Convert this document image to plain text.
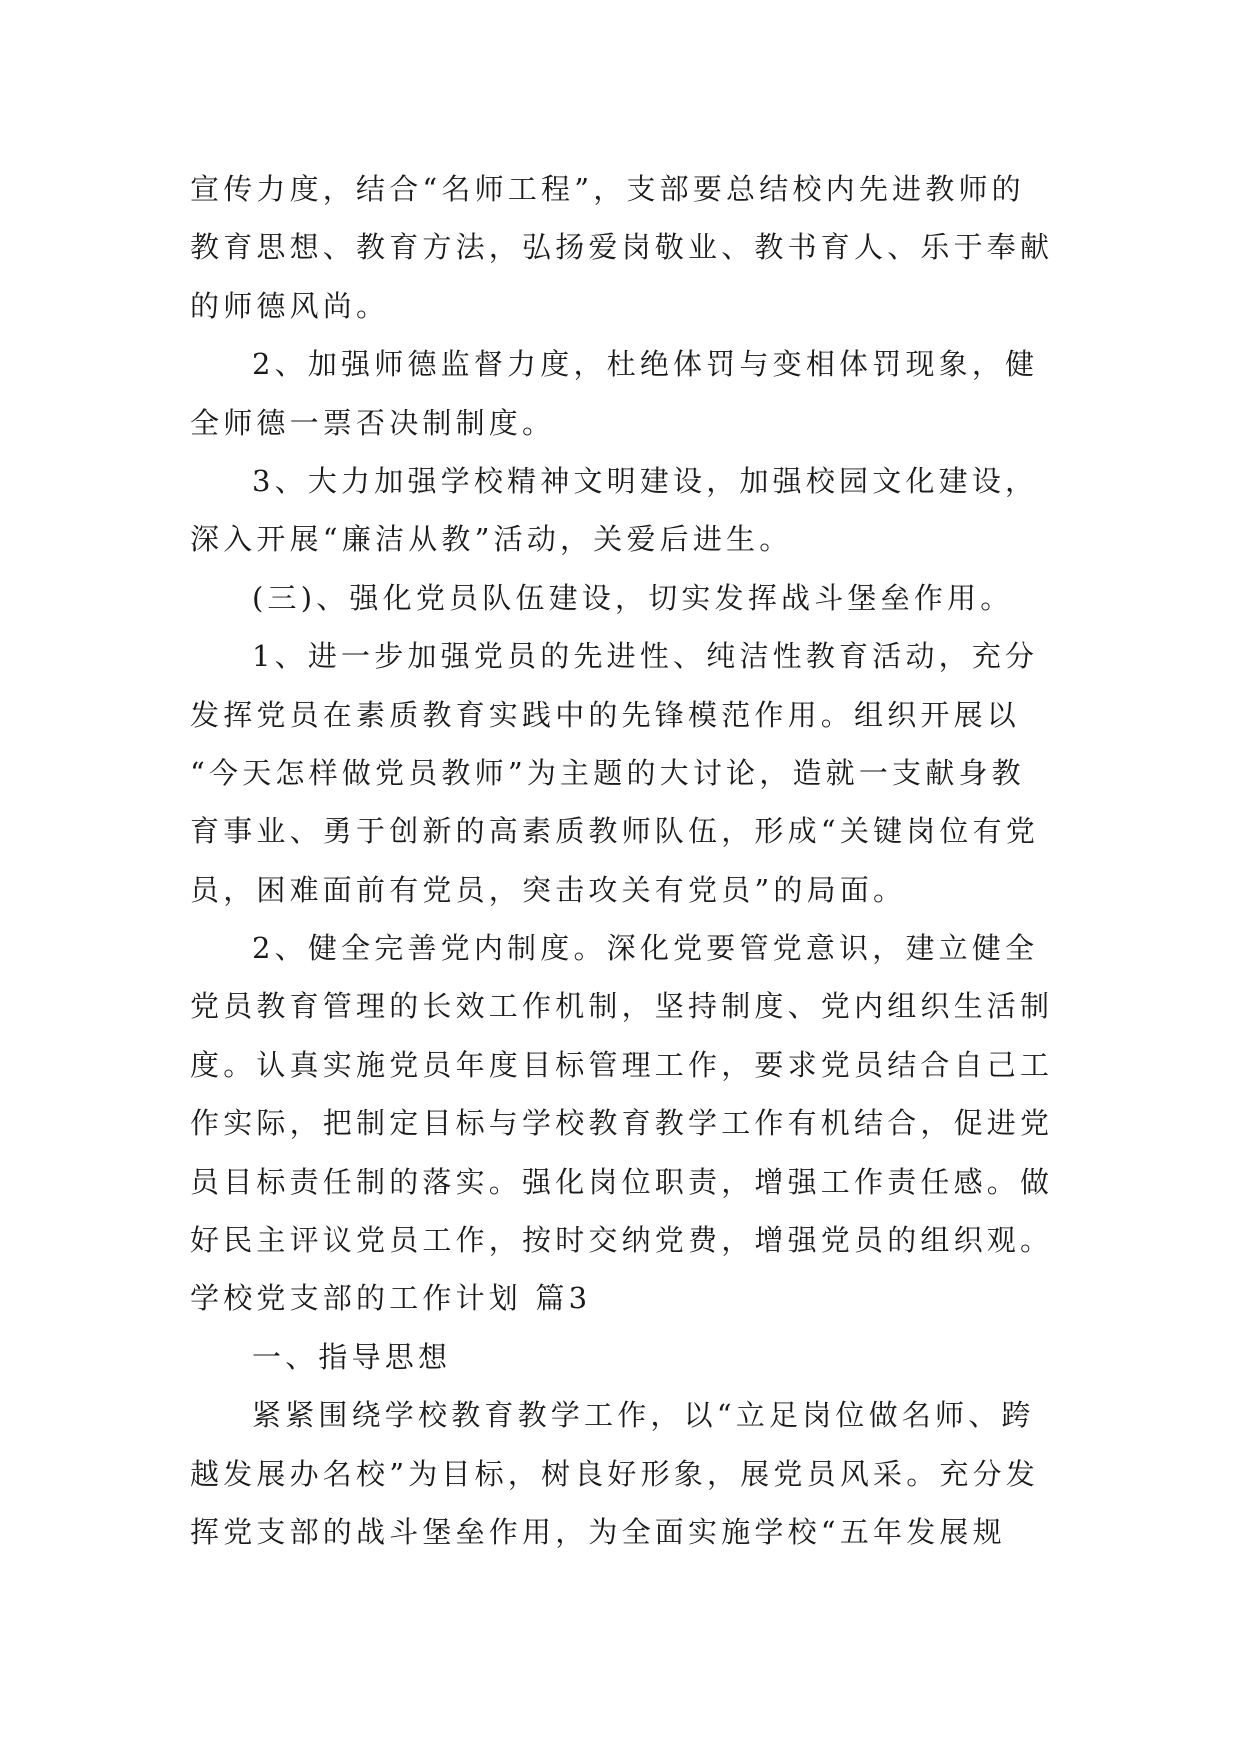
宣传力度，结合“名师工程”，支部要总结校内先进教师的
教育思想、教育方法，弘扬爱岗敬业、教书育人、乐于奉献
的师德风尚。
2、加强师德监督力度，杜绝体罚与变相体罚现象，健
全师德一票否决制制度。
3、大力加强学校精神文明建设，加强校园文化建设，
深入开展“廉洁从教”活动，关爱后进生。
(三)、强化党员队伍建设，切实发挥战斗堡垒作用。
1、进一步加强党员的先进性、纯洁性教育活动，充分
发挥党员在素质教育实践中的先锋模范作用。组织开展以
“今天怎样做党员教师”为主题的大讨论，造就一支献身教
育事业、勇于创新的高素质教师队伍，形成“关键岗位有党
员，困难面前有党员，突击攻关有党员”的局面。
2、健全完善党内制度。深化党要管党意识，建立健全
党员教育管理的长效工作机制，坚持制度、党内组织生活制
度。认真实施党员年度目标管理工作，要求党员结合自己工
作实际，把制定目标与学校教育教学工作有机结合，促进党
员目标责任制的落实。强化岗位职责，增强工作责任感。做
好民主评议党员工作，按时交纳党费，增强党员的组织观。
学校党支部的工作计划 篇3
一、指导思想
紧紧围绕学校教育教学工作，以“立足岗位做名师、跨
越发展办名校”为目标，树良好形象，展党员风采。充分发
挥党支部的战斗堡垒作用，为全面实施学校“五年发展规
